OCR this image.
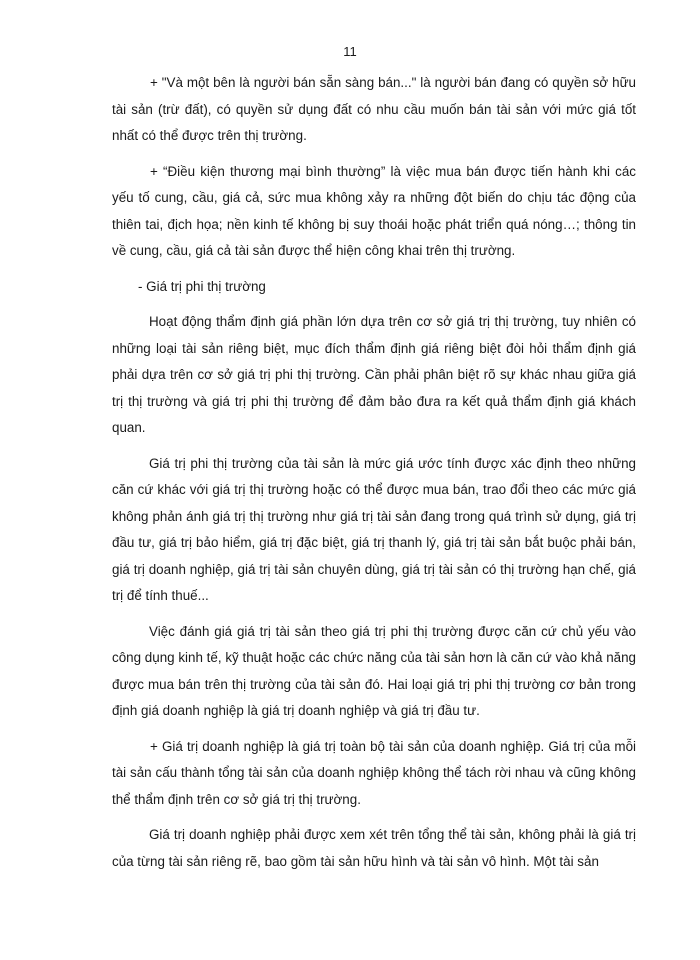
11

+ "Và một bên là người bán sẵn sàng bán..." là người bán đang có quyền sở hữu tài sản (trừ đất), có quyền sử dụng đất có nhu cầu muốn bán tài sản với mức giá tốt nhất có thể được trên thị trường.

+ “Điều kiện thương mại bình thường” là việc mua bán được tiến hành khi các yếu tố cung, cầu, giá cả, sức mua không xảy ra những đột biến do chịu tác động của thiên tai, địch họa; nền kinh tế không bị suy thoái hoặc phát triển quá nóng…; thông tin về cung, cầu, giá cả tài sản được thể hiện công khai trên thị trường.

- Giá trị phi thị trường

Hoạt động thẩm định giá phần lớn dựa trên cơ sở giá trị thị trường, tuy nhiên có những loại tài sản riêng biệt, mục đích thẩm định giá riêng biệt đòi hỏi thẩm định giá phải dựa trên cơ sở giá trị phi thị trường. Cần phải phân biệt rõ sự khác nhau giữa giá trị thị trường và giá trị phi thị trường để đảm bảo đưa ra kết quả thẩm định giá khách quan.

Giá trị phi thị trường của tài sản là mức giá ước tính được xác định theo những căn cứ khác với giá trị thị trường hoặc có thể được mua bán, trao đổi theo các mức giá không phản ánh giá trị thị trường như giá trị tài sản đang trong quá trình sử dụng, giá trị đầu tư, giá trị bảo hiểm, giá trị đặc biệt, giá trị thanh lý, giá trị tài sản bắt buộc phải bán, giá trị doanh nghiệp, giá trị tài sản chuyên dùng, giá trị tài sản có thị trường hạn chế, giá trị để tính thuế...

Việc đánh giá giá trị tài sản theo giá trị phi thị trường được căn cứ chủ yếu vào công dụng kinh tế, kỹ thuật hoặc các chức năng của tài sản hơn là căn cứ vào khả năng được mua bán trên thị trường của tài sản đó. Hai loại giá trị phi thị trường cơ bản trong định giá doanh nghiệp là giá trị doanh nghiệp và giá trị đầu tư.

+ Giá trị doanh nghiệp là giá trị toàn bộ tài sản của doanh nghiệp. Giá trị của mỗi tài sản cấu thành tổng tài sản của doanh nghiệp không thể tách rời nhau và cũng không thể thẩm định trên cơ sở giá trị thị trường.

Giá trị doanh nghiệp phải được xem xét trên tổng thể tài sản, không phải là giá trị của từng tài sản riêng rẽ, bao gồm tài sản hữu hình và tài sản vô hình. Một tài sản
